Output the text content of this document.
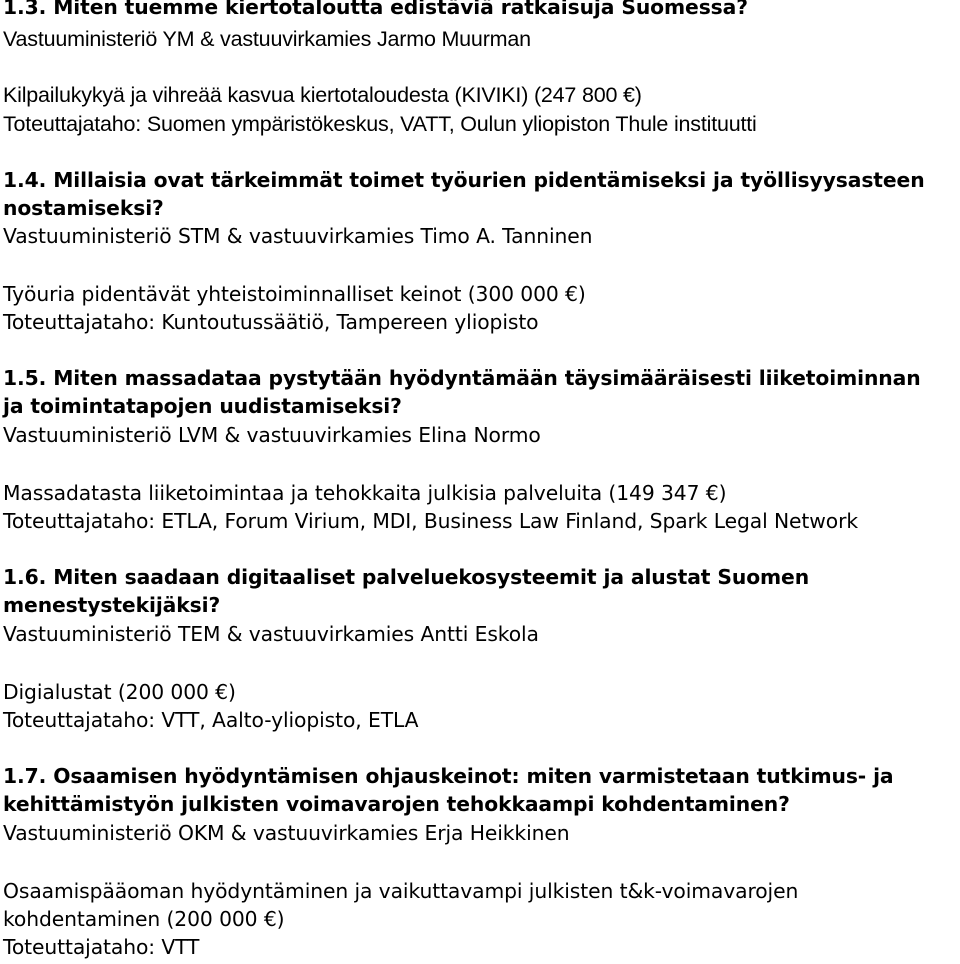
1.3. Miten tuemme kiertotaloutta edistäviä ratkaisuja Suomessa?
Vastuuministeriö YM & vastuuvirkamies Jarmo Muurman
Kilpailukykyä ja vihreää kasvua kiertotaloudesta (KIVIKI) (247 800 €)
Toteuttajataho: Suomen ympäristökeskus, VATT, Oulun yliopiston Thule instituutti
1.4. Millaisia ovat tärkeimmät toimet työurien pidentämiseksi ja työllisyysasteen
nostamiseksi?
Vastuuministeriö STM & vastuuvirkamies Timo A. Tanninen
Työuria pidentävät yhteistoiminnalliset keinot (300 000 €)
Toteuttajataho: Kuntoutussäätiö, Tampereen yliopisto
1.5. Miten massadataa pystytään hyödyntämään täysimääräisesti liiketoiminnan
ja toimintatapojen uudistamiseksi?
Vastuuministeriö LVM & vastuuvirkamies Elina Normo
Massadatasta liiketoimintaa ja tehokkaita julkisia palveluita (149 347 €)
Toteuttajataho: ETLA, Forum Virium, MDI, Business Law Finland, Spark Legal Network
1.6. Miten saadaan digitaaliset palveluekosysteemit ja alustat Suomen
menestystekijäksi?
Vastuuministeriö TEM & vastuuvirkamies Antti Eskola
Digialustat (200 000 €)
Toteuttajataho: VTT, Aalto-yliopisto, ETLA
1.7. Osaamisen hyödyntämisen ohjauskeinot: miten varmistetaan tutkimus- ja
kehittämistyön julkisten voimavarojen tehokkaampi kohdentaminen?
Vastuuministeriö OKM & vastuuvirkamies Erja Heikkinen
Osaamispääoman hyödyntäminen ja vaikuttavampi julkisten t&k-voimavarojen
kohdentaminen (200 000 €)
Toteuttajataho: VTT
